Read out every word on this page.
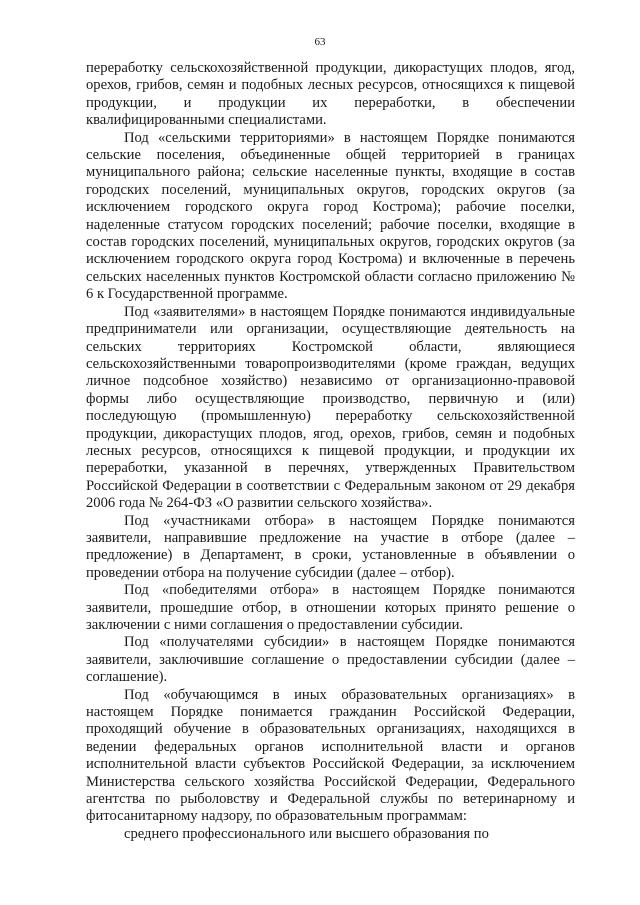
63

переработку сельскохозяйственной продукции, дикорастущих плодов, ягод, орехов, грибов, семян и подобных лесных ресурсов, относящихся к пищевой продукции, и продукции их переработки, в обеспечении квалифицированными специалистами.

Под «сельскими территориями» в настоящем Порядке понимаются сельские поселения, объединенные общей территорией в границах муниципального района; сельские населенные пункты, входящие в состав городских поселений, муниципальных округов, городских округов (за исключением городского округа город Кострома); рабочие поселки, наделенные статусом городских поселений; рабочие поселки, входящие в состав городских поселений, муниципальных округов, городских округов (за исключением городского округа город Кострома) и включенные в перечень сельских населенных пунктов Костромской области согласно приложению № 6 к Государственной программе.

Под «заявителями» в настоящем Порядке понимаются индивидуальные предприниматели или организации, осуществляющие деятельность на сельских территориях Костромской области, являющиеся сельскохозяйственными товаропроизводителями (кроме граждан, ведущих личное подсобное хозяйство) независимо от организационно-правовой формы либо осуществляющие производство, первичную и (или) последующую (промышленную) переработку сельскохозяйственной продукции, дикорастущих плодов, ягод, орехов, грибов, семян и подобных лесных ресурсов, относящихся к пищевой продукции, и продукции их переработки, указанной в перечнях, утвержденных Правительством Российской Федерации в соответствии с Федеральным законом от 29 декабря 2006 года № 264-ФЗ «О развитии сельского хозяйства».

Под «участниками отбора» в настоящем Порядке понимаются заявители, направившие предложение на участие в отборе (далее – предложение) в Департамент, в сроки, установленные в объявлении о проведении отбора на получение субсидии (далее – отбор).

Под «победителями отбора» в настоящем Порядке понимаются заявители, прошедшие отбор, в отношении которых принято решение о заключении с ними соглашения о предоставлении субсидии.

Под «получателями субсидии» в настоящем Порядке понимаются заявители, заключившие соглашение о предоставлении субсидии (далее – соглашение).

Под «обучающимся в иных образовательных организациях» в настоящем Порядке понимается гражданин Российской Федерации, проходящий обучение в образовательных организациях, находящихся в ведении федеральных органов исполнительной власти и органов исполнительной власти субъектов Российской Федерации, за исключением Министерства сельского хозяйства Российской Федерации, Федерального агентства по рыболовству и Федеральной службы по ветеринарному и фитосанитарному надзору, по образовательным программам:

среднего профессионального или высшего образования по
